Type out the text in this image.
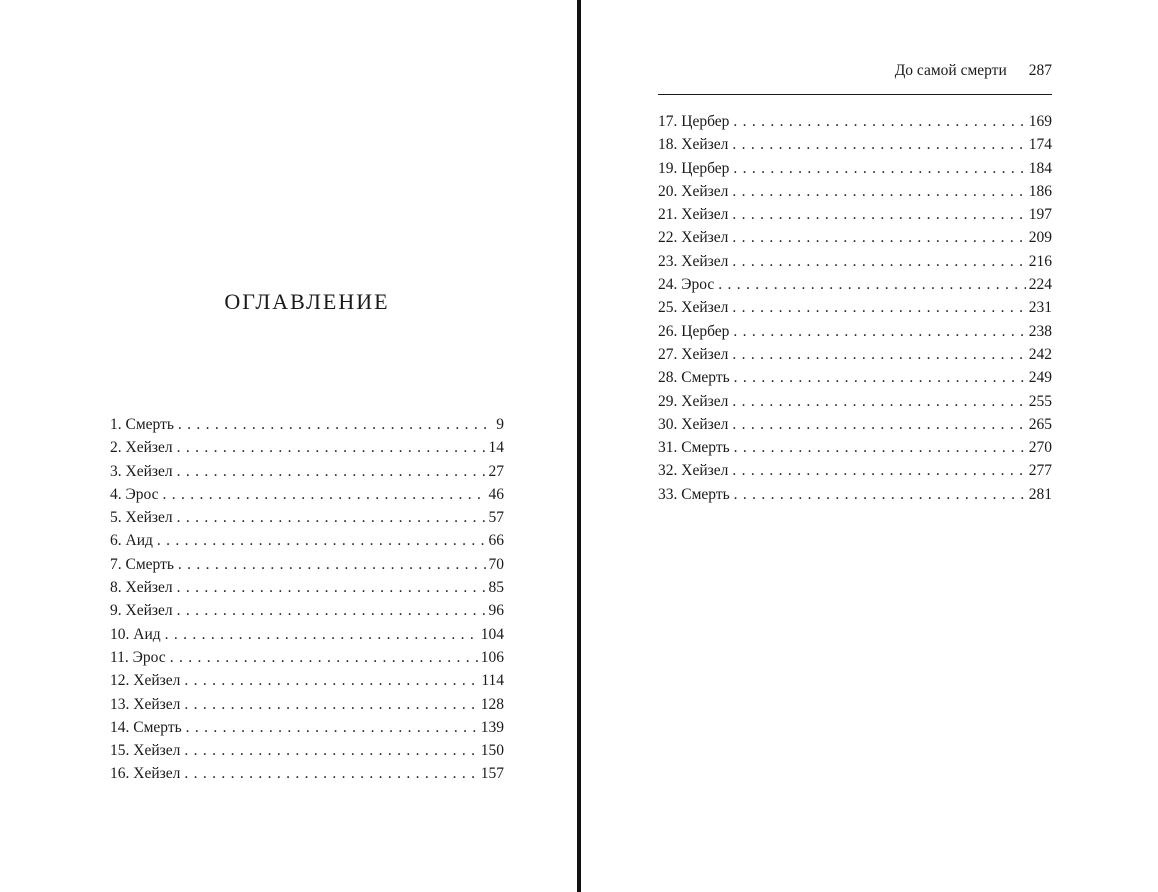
оглавление
1. Смерть . . .	9
2. Хейзел . . .	14
3. Хейзел . . .	27
4. Эрос . . .	46
5. Хейзел . . .	57
6. Аид . . .	66
7. Смерть . . .	70
8. Хейзел . . .	85
9. Хейзел . . .	96
10. Аид . . .	104
11. Эрос . . .	106
12. Хейзел . . .	114
13. Хейзел . . .	128
14. Смерть . . .	139
15. Хейзел . . .	150
16. Хейзел . . .	157
До самой смерти 287
17. Цербер . . .	169
18. Хейзел . . .	174
19. Цербер . . .	184
20. Хейзел . . .	186
21. Хейзел . . .	197
22. Хейзел . . .	209
23. Хейзел . . .	216
24. Эрос . . .	224
25. Хейзел . . .	231
26. Цербер . . .	238
27. Хейзел . . .	242
28. Смерть . . .	249
29. Хейзел . . .	255
30. Хейзел . . .	265
31. Смерть . . .	270
32. Хейзел . . .	277
33. Смерть . . .	281
